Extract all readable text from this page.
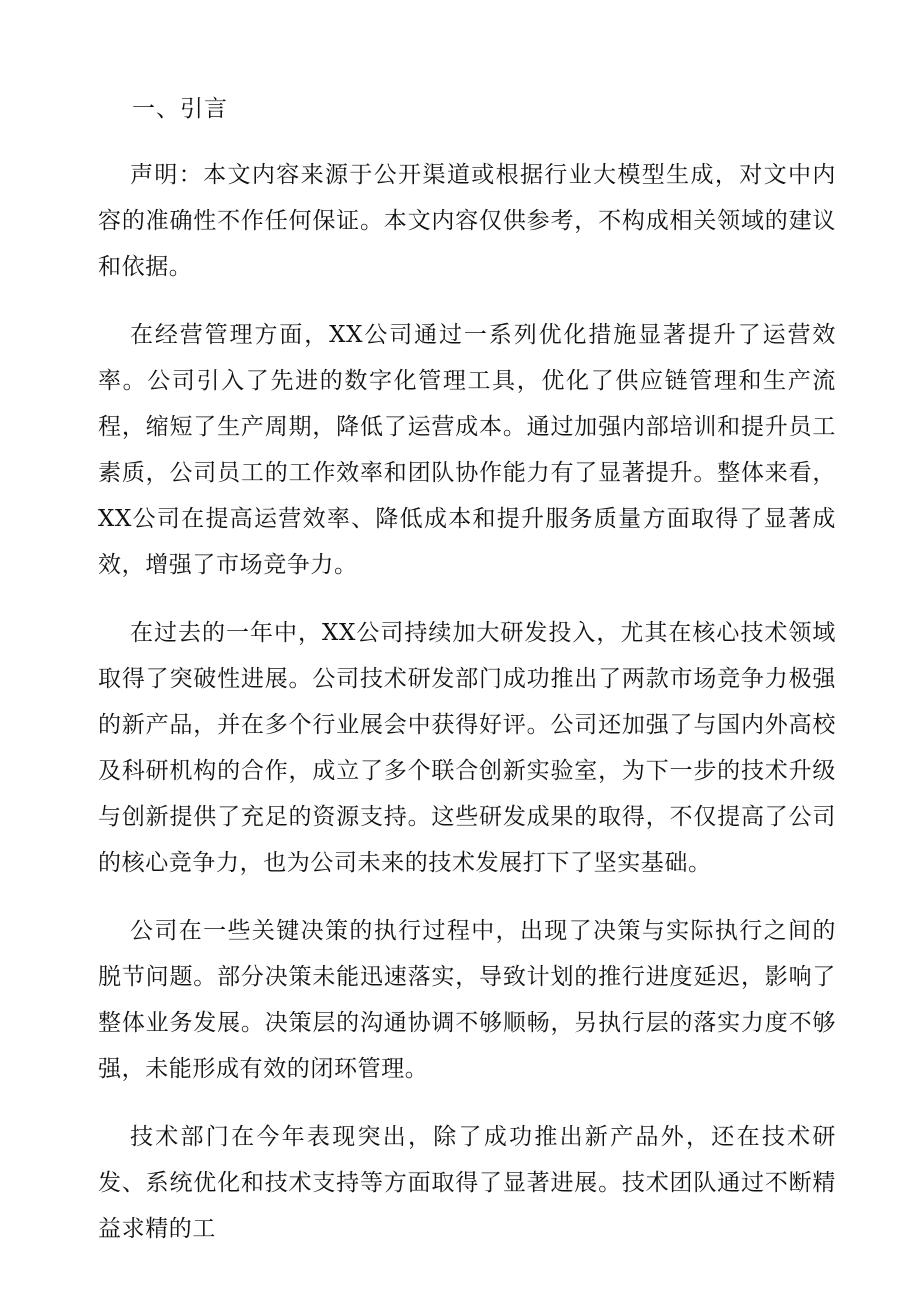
一、引言

声明：本文内容来源于公开渠道或根据行业大模型生成，对文中内容的准确性不作任何保证。本文内容仅供参考，不构成相关领域的建议和依据。

在经营管理方面，XX公司通过一系列优化措施显著提升了运营效率。公司引入了先进的数字化管理工具，优化了供应链管理和生产流程，缩短了生产周期，降低了运营成本。通过加强内部培训和提升员工素质，公司员工的工作效率和团队协作能力有了显著提升。整体来看，XX公司在提高运营效率、降低成本和提升服务质量方面取得了显著成效，增强了市场竞争力。

在过去的一年中，XX公司持续加大研发投入，尤其在核心技术领域取得了突破性进展。公司技术研发部门成功推出了两款市场竞争力极强的新产品，并在多个行业展会中获得好评。公司还加强了与国内外高校及科研机构的合作，成立了多个联合创新实验室，为下一步的技术升级与创新提供了充足的资源支持。这些研发成果的取得，不仅提高了公司的核心竞争力，也为公司未来的技术发展打下了坚实基础。

公司在一些关键决策的执行过程中，出现了决策与实际执行之间的脱节问题。部分决策未能迅速落实，导致计划的推行进度延迟，影响了整体业务发展。决策层的沟通协调不够顺畅，另执行层的落实力度不够强，未能形成有效的闭环管理。

技术部门在今年表现突出，除了成功推出新产品外，还在技术研发、系统优化和技术支持等方面取得了显著进展。技术团队通过不断精益求精的工
